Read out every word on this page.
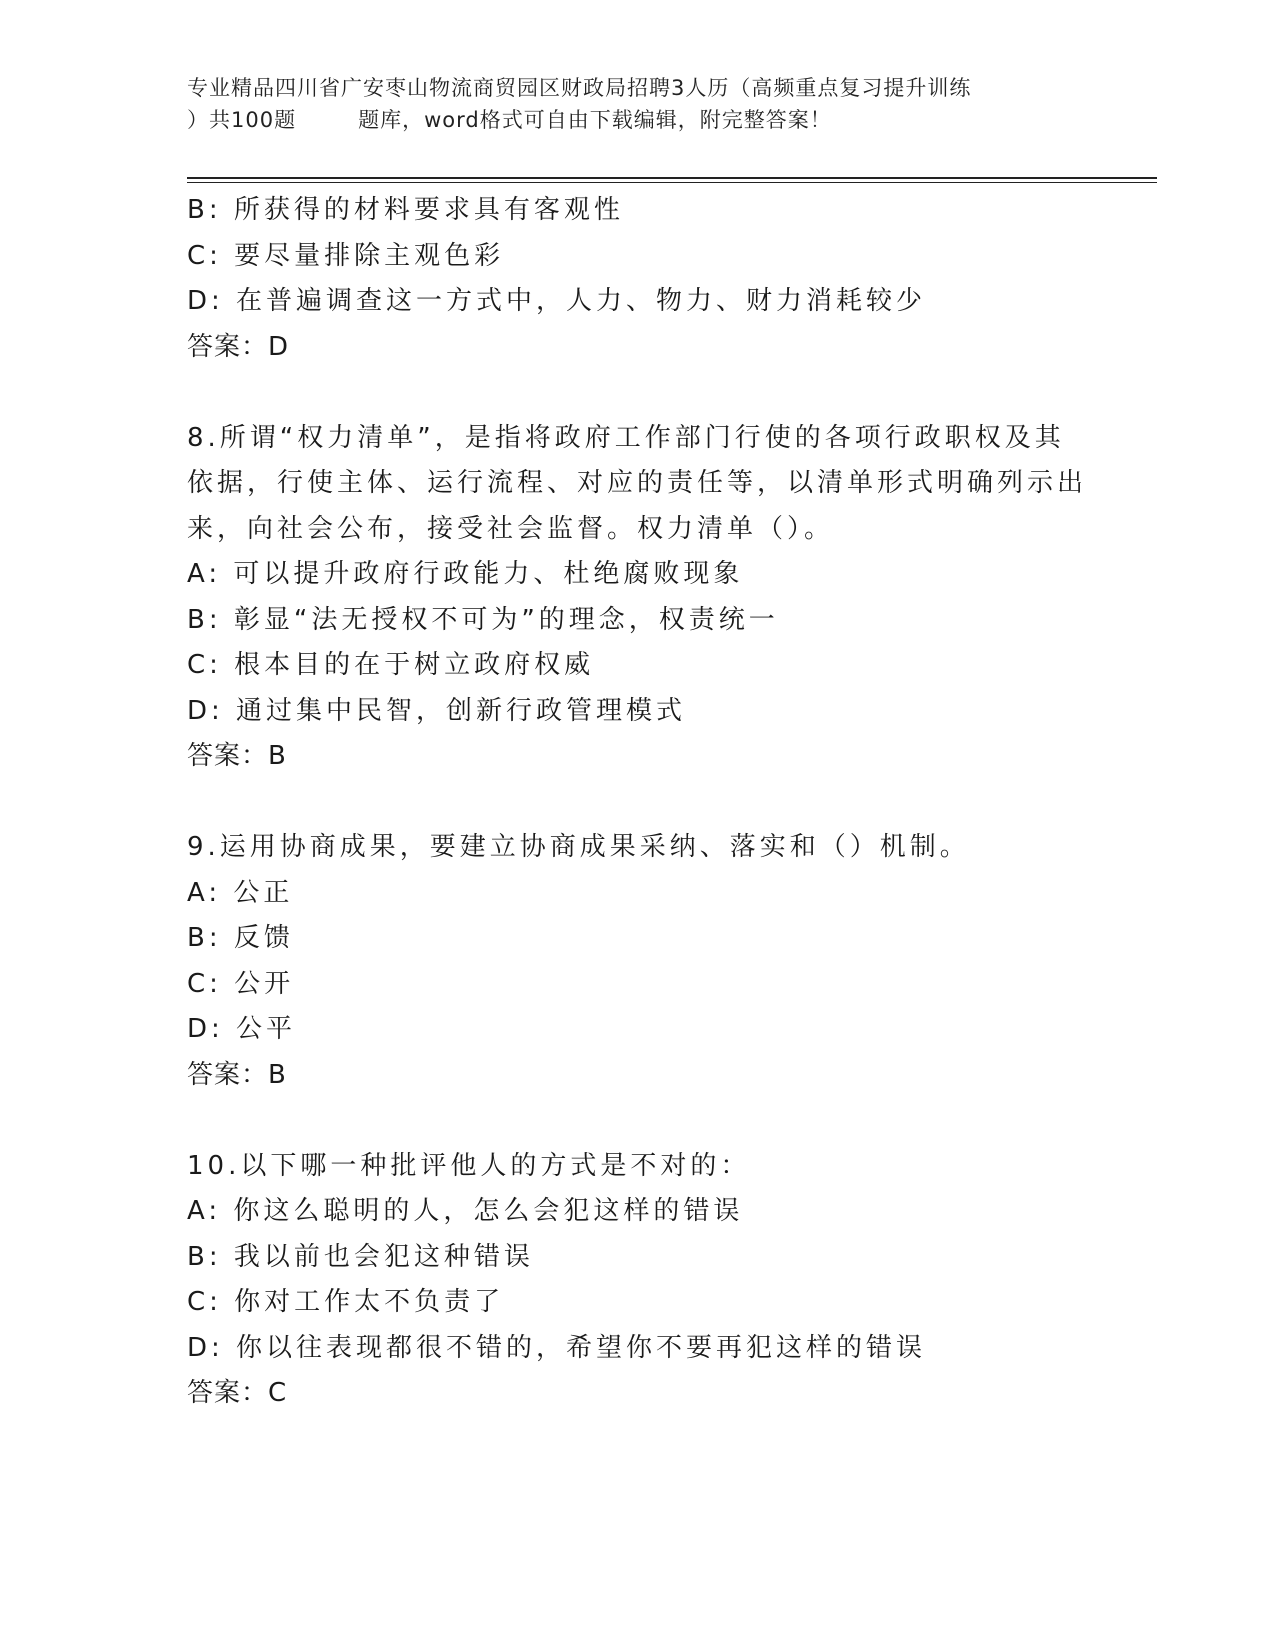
专业精品四川省广安枣山物流商贸园区财政局招聘3人历（高频重点复习提升训练
）共100题	题库，word格式可自由下载编辑，附完整答案！
B: 所获得的材料要求具有客观性
C: 要尽量排除主观色彩
D: 在普遍调查这一方式中，人力、物力、财力消耗较少
答案：D
8.所谓“权力清单”，是指将政府工作部门行使的各项行政职权及其
依据，行使主体、运行流程、对应的责任等，以清单形式明确列示出
来，向社会公布，接受社会监督。权力清单（）。
A: 可以提升政府行政能力、杜绝腐败现象
B: 彰显“法无授权不可为”的理念，权责统一
C: 根本目的在于树立政府权威
D: 通过集中民智，创新行政管理模式
答案：B
9.运用协商成果，要建立协商成果采纳、落实和（）机制。
A: 公正
B: 反馈
C: 公开
D: 公平
答案：B
10.以下哪一种批评他人的方式是不对的：
A: 你这么聪明的人，怎么会犯这样的错误
B: 我以前也会犯这种错误
C: 你对工作太不负责了
D: 你以往表现都很不错的，希望你不要再犯这样的错误
答案：C
